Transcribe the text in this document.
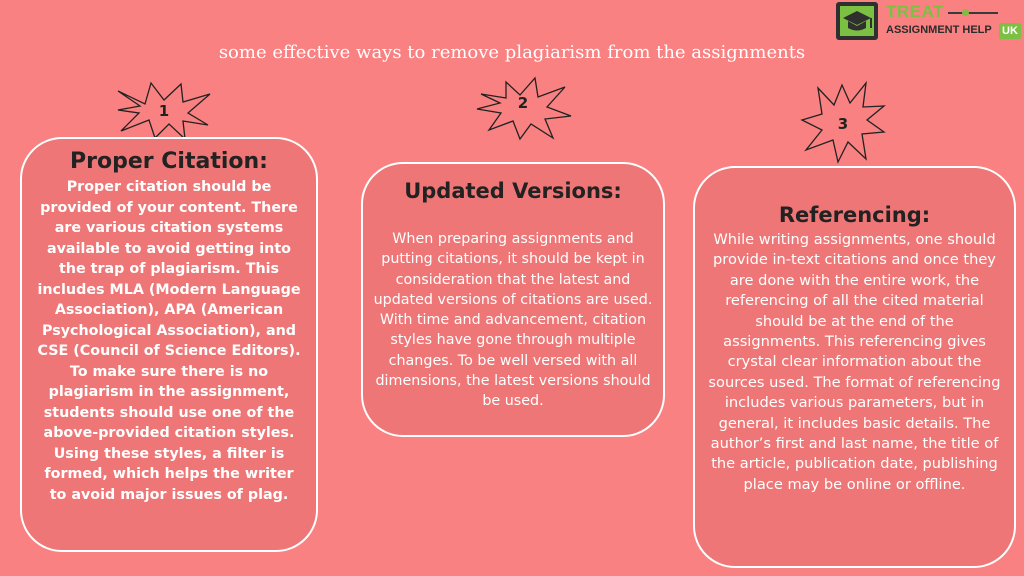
some effective ways to remove plagiarism from the assignments
TREAT
ASSIGNMENT HELP UK
1	2
3
Proper Citation:

Proper citation should be provided of your content. There are various citation systems available to avoid getting into the trap of plagiarism. This includes MLA (Modern Language Association), APA (American Psychological Association), and CSE (Council of Science Editors). To make sure there is no plagiarism in the assignment, students should use one of the above-provided citation styles. Using these styles, a filter is formed, which helps the writer to avoid major issues of plag.

Updated Versions:

When preparing assignments and putting citations, it should be kept in consideration that the latest and updated versions of citations are used. With time and advancement, citation styles have gone through multiple changes. To be well versed with all dimensions, the latest versions should be used.

Referencing:

While writing assignments, one should provide in-text citations and once they are done with the entire work, the referencing of all the cited material should be at the end of the assignments. This referencing gives crystal clear information about the sources used. The format of referencing includes various parameters, but in general, it includes basic details. The author’s first and last name, the title of the article, publication date, publishing place may be online or offline.
